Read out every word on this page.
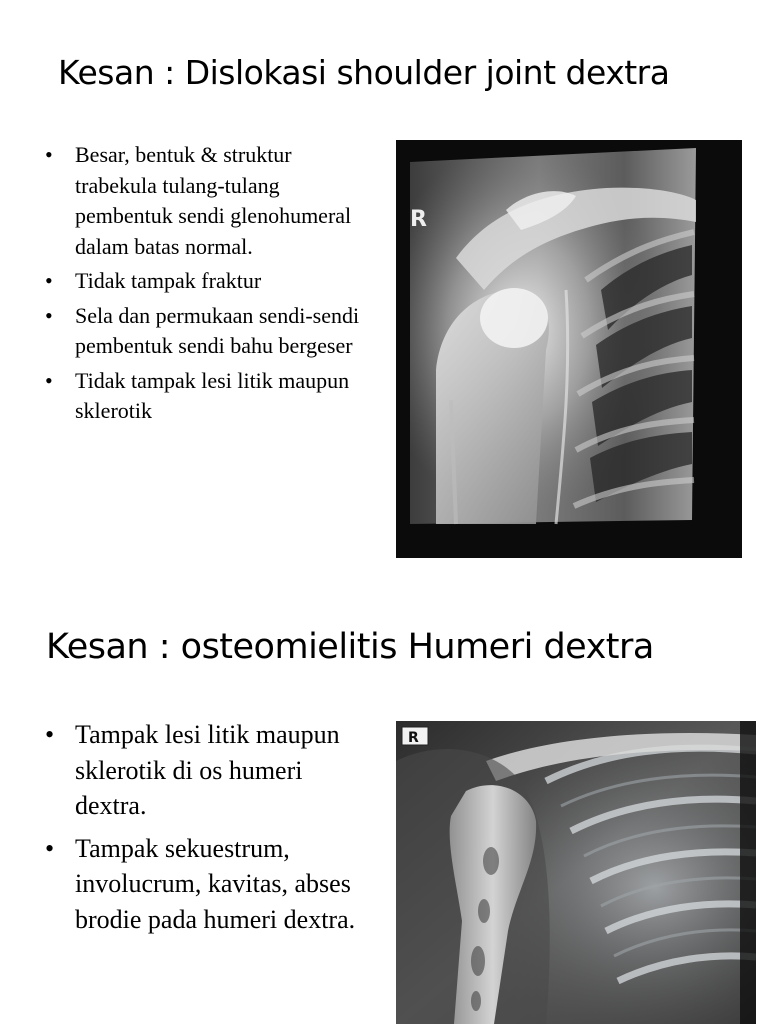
Kesan : Dislokasi shoulder joint dextra
• Besar, bentuk & struktur trabekula tulang-tulang pembentuk sendi glenohumeral dalam batas normal.
• Tidak tampak fraktur
• Sela dan permukaan sendi-sendi pembentuk sendi bahu bergeser
• Tidak tampak lesi litik maupun sklerotik
R
Kesan : osteomielitis Humeri dextra
• Tampak lesi litik maupun sklerotik di os humeri dextra.
• Tampak sekuestrum, involucrum, kavitas, abses brodie pada humeri dextra.
R
